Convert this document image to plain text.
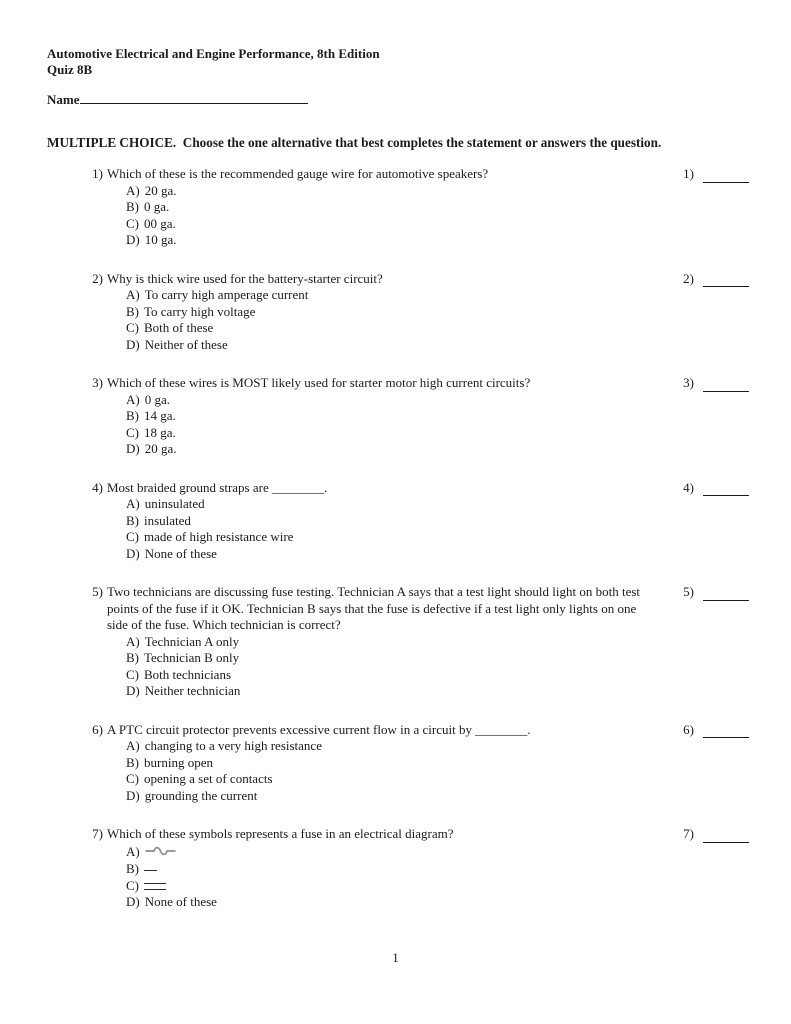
Automotive Electrical and Engine Performance, 8th Edition
Quiz 8B
Name
MULTIPLE CHOICE.  Choose the one alternative that best completes the statement or answers the question.
1) Which of these is the recommended gauge wire for automotive speakers?
A) 20 ga.
B) 0 ga.
C) 00 ga.
D) 10 ga.
1)
2) Why is thick wire used for the battery-starter circuit?
A) To carry high amperage current
B) To carry high voltage
C) Both of these
D) Neither of these
2)
3) Which of these wires is MOST likely used for starter motor high current circuits?
A) 0 ga.
B) 14 ga.
C) 18 ga.
D) 20 ga.
3)
4) Most braided ground straps are ________.
A) uninsulated
B) insulated
C) made of high resistance wire
D) None of these
4)
5) Two technicians are discussing fuse testing. Technician A says that a test light should light on both test points of the fuse if it OK. Technician B says that the fuse is defective if a test light only lights on one side of the fuse. Which technician is correct?
A) Technician A only
B) Technician B only
C) Both technicians
D) Neither technician
5)
6) A PTC circuit protector prevents excessive current flow in a circuit by ________.
A) changing to a very high resistance
B) burning open
C) opening a set of contacts
D) grounding the current
6)
7) Which of these symbols represents a fuse in an electrical diagram?
A)
B)
C)
D) None of these
7)
1
